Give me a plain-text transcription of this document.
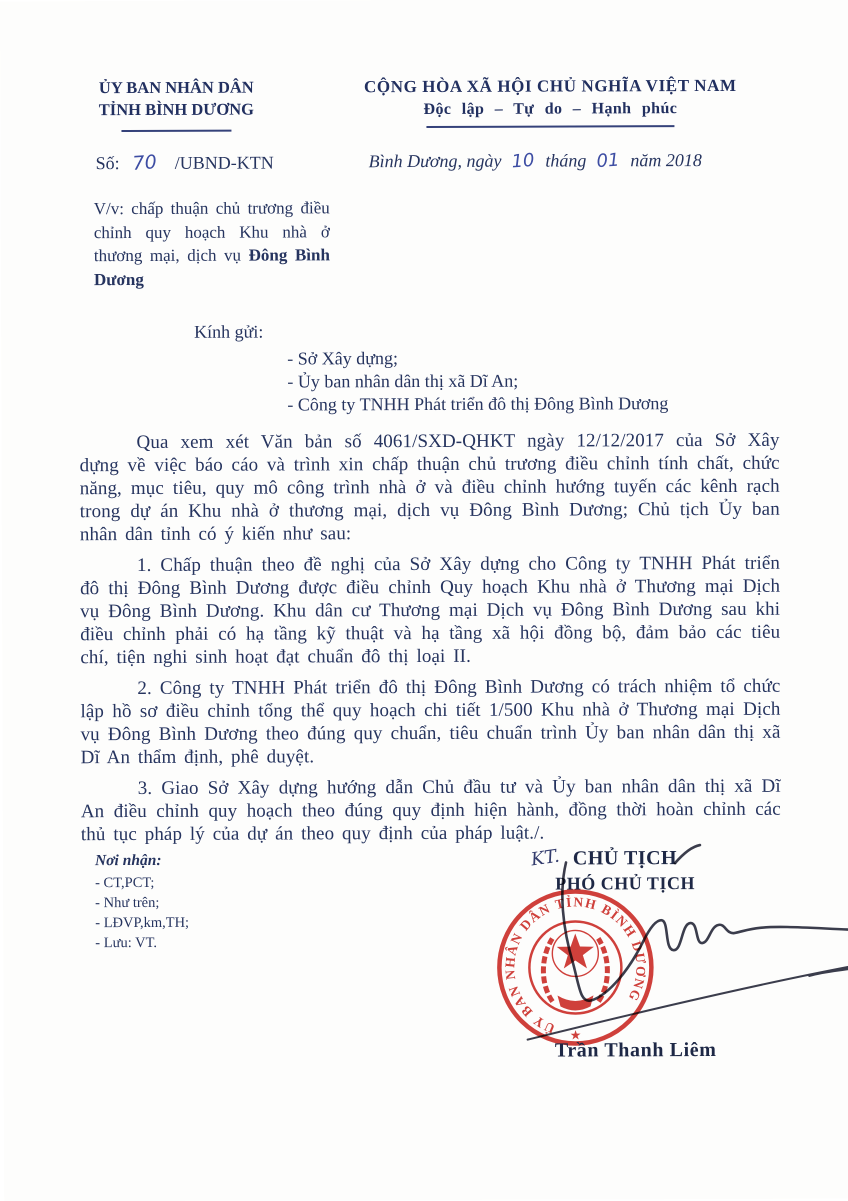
ỦY BAN NHÂN DÂN
TỈNH BÌNH DƯƠNG
CỘNG HÒA XÃ HỘI CHỦ NGHĨA VIỆT NAM
Độc lập – Tự do – Hạnh phúc
Số: 70 /UBND-KTN	Bình Dương, ngày 10 tháng 01 năm 2018
V/v: chấp thuận chủ trương điều chỉnh quy hoạch Khu nhà ở thương mại, dịch vụ Đông Bình Dương
Kính gửi:
- Sở Xây dựng;
- Ủy ban nhân dân thị xã Dĩ An;
- Công ty TNHH Phát triển đô thị Đông Bình Dương

Qua xem xét Văn bản số 4061/SXD-QHKT ngày 12/12/2017 của Sở Xây dựng về việc báo cáo và trình xin chấp thuận chủ trương điều chỉnh tính chất, chức năng, mục tiêu, quy mô công trình nhà ở và điều chỉnh hướng tuyến các kênh rạch trong dự án Khu nhà ở thương mại, dịch vụ Đông Bình Dương; Chủ tịch Ủy ban nhân dân tỉnh có ý kiến như sau:

1. Chấp thuận theo đề nghị của Sở Xây dựng cho Công ty TNHH Phát triển đô thị Đông Bình Dương được điều chỉnh Quy hoạch Khu nhà ở Thương mại Dịch vụ Đông Bình Dương. Khu dân cư Thương mại Dịch vụ Đông Bình Dương sau khi điều chỉnh phải có hạ tầng kỹ thuật và hạ tầng xã hội đồng bộ, đảm bảo các tiêu chí, tiện nghi sinh hoạt đạt chuẩn đô thị loại II.

2. Công ty TNHH Phát triển đô thị Đông Bình Dương có trách nhiệm tổ chức lập hồ sơ điều chỉnh tổng thể quy hoạch chi tiết 1/500 Khu nhà ở Thương mại Dịch vụ Đông Bình Dương theo đúng quy chuẩn, tiêu chuẩn trình Ủy ban nhân dân thị xã Dĩ An thẩm định, phê duyệt.

3. Giao Sở Xây dựng hướng dẫn Chủ đầu tư và Ủy ban nhân dân thị xã Dĩ An điều chỉnh quy hoạch theo đúng quy định hiện hành, đồng thời hoàn chỉnh các thủ tục pháp lý của dự án theo quy định của pháp luật./.

Nơi nhận:
- CT,PCT;
- Như trên;
- LĐVP,km,TH;
- Lưu: VT.
KT. CHỦ TỊCH
PHÓ CHỦ TỊCH
ỦY BAN NHÂN DÂN TỈNH BÌNH DƯƠNG
★
Trần Thanh Liêm
